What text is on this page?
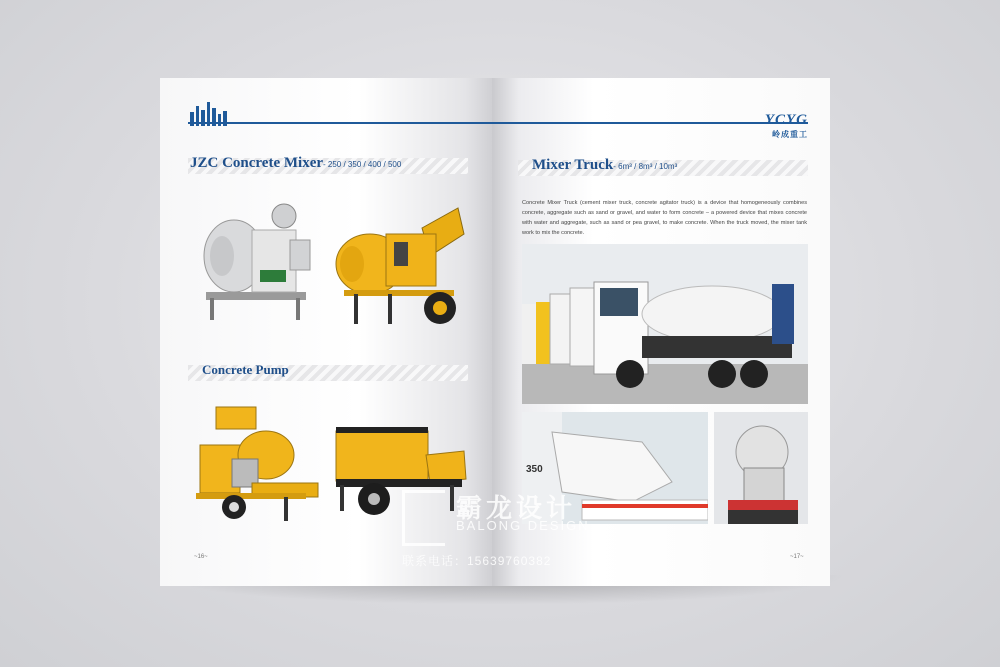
JZC Concrete Mixer- 250 / 350 / 400 / 500
Concrete Pump
~16~
YCYG
岭成重工
Mixer Truck- 6m³ / 8m³ / 10m³
Concrete Mixer Truck (cement mixer truck, concrete agitator truck) is a device that homogeneously combines concrete, aggregate such as sand or gravel, and water to form concrete – a powered device that mixes concrete with water and aggregate, such as sand or pea gravel, to make concrete. When the truck moved, the mixer tank work to mix the concrete.
350
~17~
霸龙设计
BALONG DESIGN
联系电话：15639760382
